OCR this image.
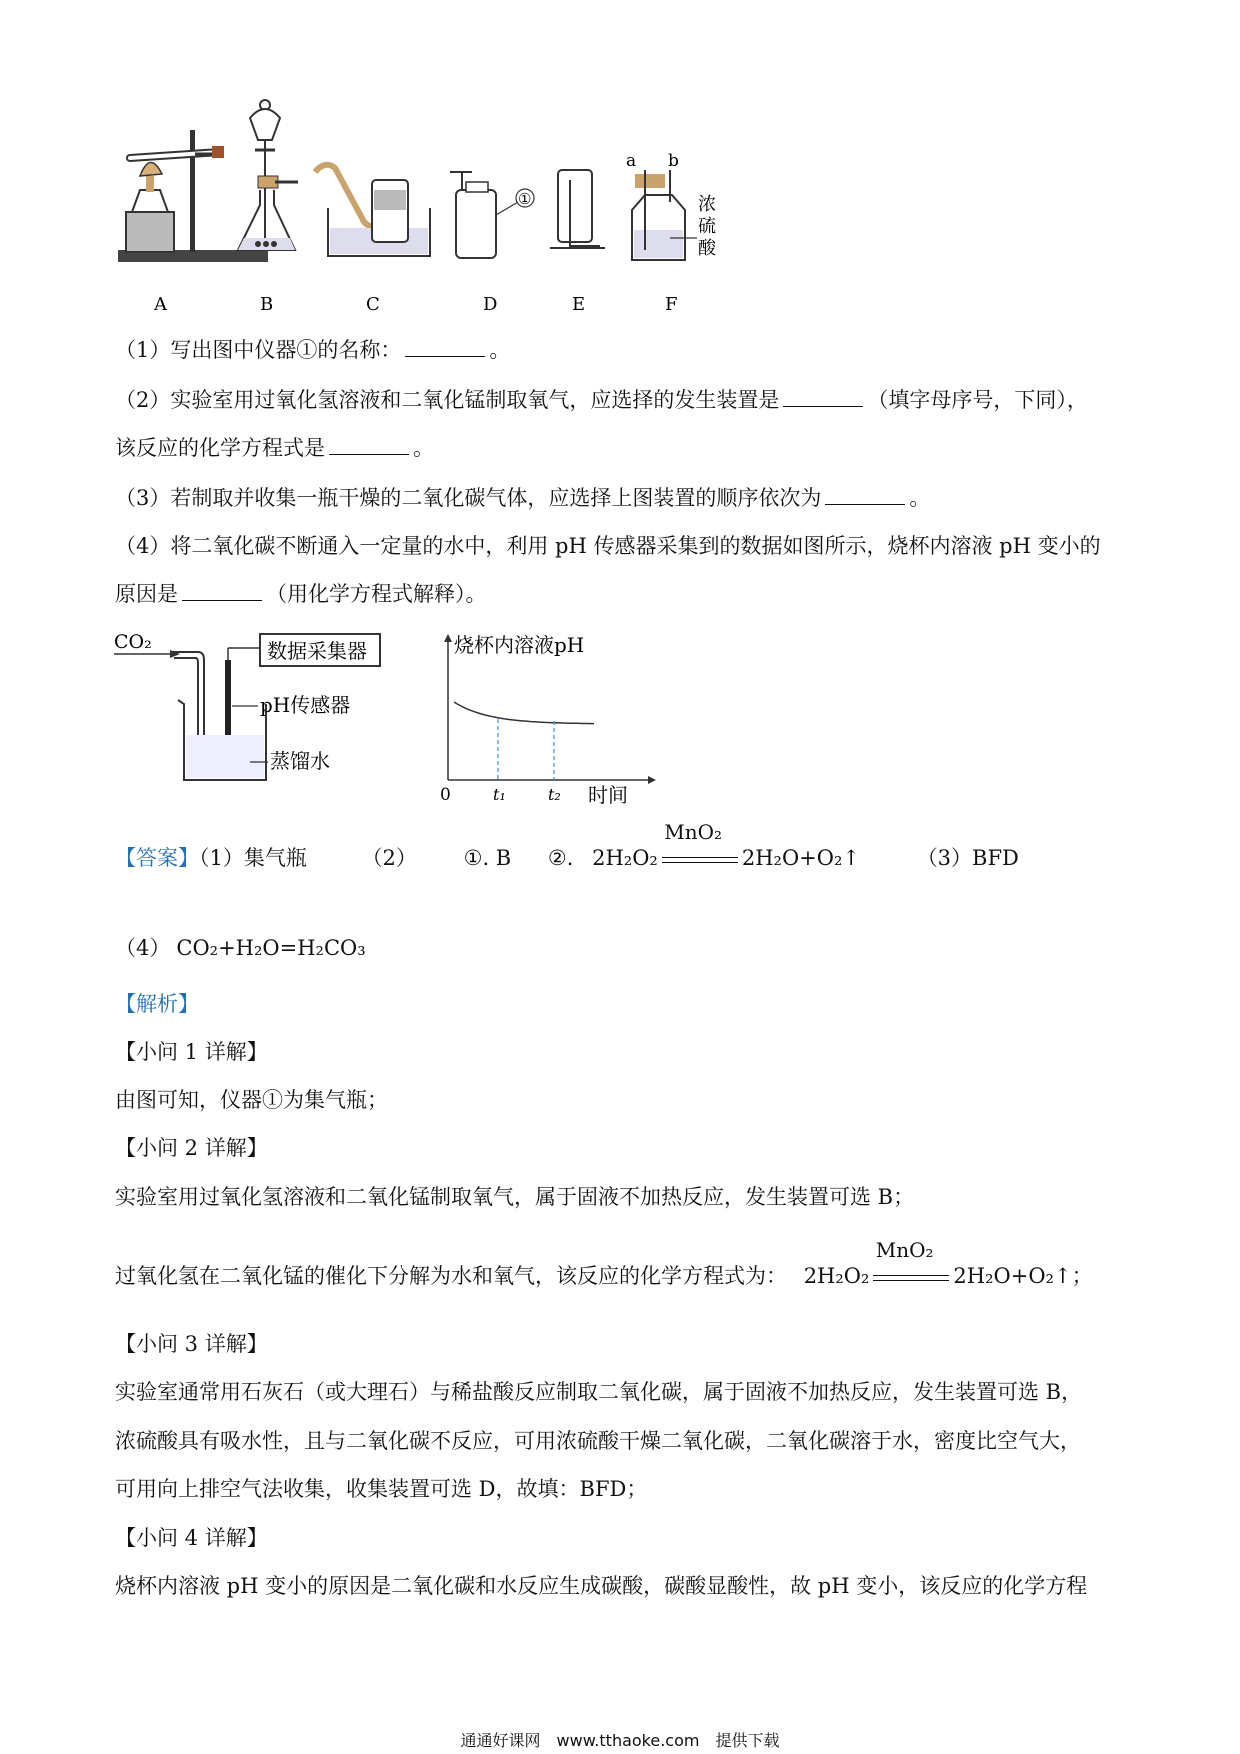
①
a b
浓
硫
酸
A	B	C	D	E	F
（1）写出图中仪器①的名称：	。
（2）实验室用过氧化氢溶液和二氧化锰制取氧气，应选择的发生装置是	（填字母序号，下同），
该反应的化学方程式是	。
（3）若制取并收集一瓶干燥的二氧化碳气体，应选择上图装置的顺序依次为	。
（4）将二氧化碳不断通入一定量的水中，利用 pH 传感器采集到的数据如图所示，烧杯内溶液 pH 变小的
原因是	（用化学方程式解释）。
CO₂	数据采集器
pH传感器
蒸馏水
烧杯内溶液pH
0	t₁	t₂ 时间
【答案】（1）集气瓶	（2） ①. B ②. 2H₂O₂	2H₂O+O₂↑
MnO₂
（3）BFD
（4） CO₂+H₂O=H₂CO₃
【解析】
【小问 1 详解】
由图可知，仪器①为集气瓶；
【小问 2 详解】
实验室用过氧化氢溶液和二氧化锰制取氧气，属于固液不加热反应，发生装置可选 B；
过氧化氢在二氧化锰的催化下分解为水和氧气，该反应的化学方程式为： 2H₂O₂	2H₂O+O₂↑
MnO₂
；
【小问 3 详解】
实验室通常用石灰石（或大理石）与稀盐酸反应制取二氧化碳，属于固液不加热反应，发生装置可选 B，
浓硫酸具有吸水性，且与二氧化碳不反应，可用浓硫酸干燥二氧化碳，二氧化碳溶于水，密度比空气大，
可用向上排空气法收集，收集装置可选 D，故填：BFD；
【小问 4 详解】
烧杯内溶液 pH 变小的原因是二氧化碳和水反应生成碳酸，碳酸显酸性，故 pH 变小，该反应的化学方程
通通好课网　www.tthaoke.com　提供下载
